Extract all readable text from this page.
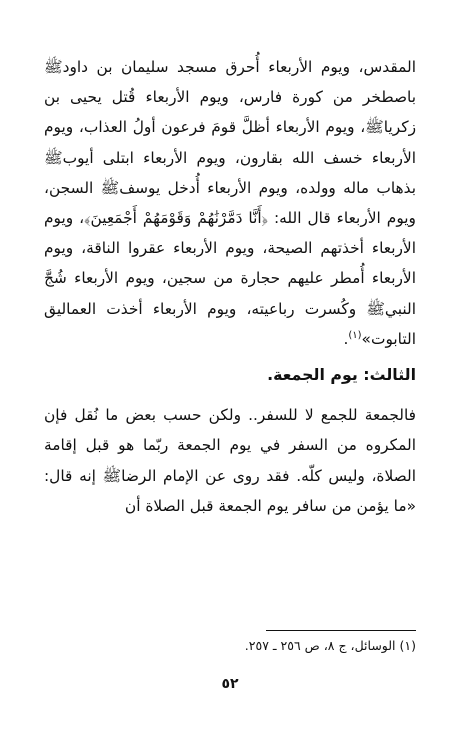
المقدس، ويوم الأربعاء أُحرق مسجد سليمان بن داودﷺ باصطخر من كورة فارس، ويوم الأربعاء قُتل يحيى بن زكرياﷺ، ويوم الأربعاء أظلَّ قومَ فرعون أولُ العذاب، ويوم الأربعاء خسف الله بقارون، ويوم الأربعاء ابتلى أيوبﷺ بذهاب ماله وولده، ويوم الأربعاء أُدخل يوسفﷺ السجن، ويوم الأربعاء قال الله: ﴿أَنَّا دَمَّرْنَٰهُمْ وَقَوْمَهُمْ أَجْمَعِينَ﴾، ويوم الأربعاء أخذتهم الصيحة، ويوم الأربعاء عقروا الناقة، ويوم الأربعاء أُمطر عليهم حجارة من سجين، ويوم الأربعاء شُجَّ النبيﷺ وكُسرت رباعيته، ويوم الأربعاء أخذت العماليق التابوت»$^{(١)}$.

الثالث: يوم الجمعة.

فالجمعة للجمع لا للسفر.. ولكن حسب بعض ما نُقل فإن المكروه من السفر في يوم الجمعة ربّما هو قبل إقامة الصلاة، وليس كلّه. فقد روى عن الإمام الرضاﷺ إنه قال: «ما يؤمن من سافر يوم الجمعة قبل الصلاة أن

(١) الوسائل، ج ٨، ص ٢٥٦ ـ ٢٥٧.
٥٢
